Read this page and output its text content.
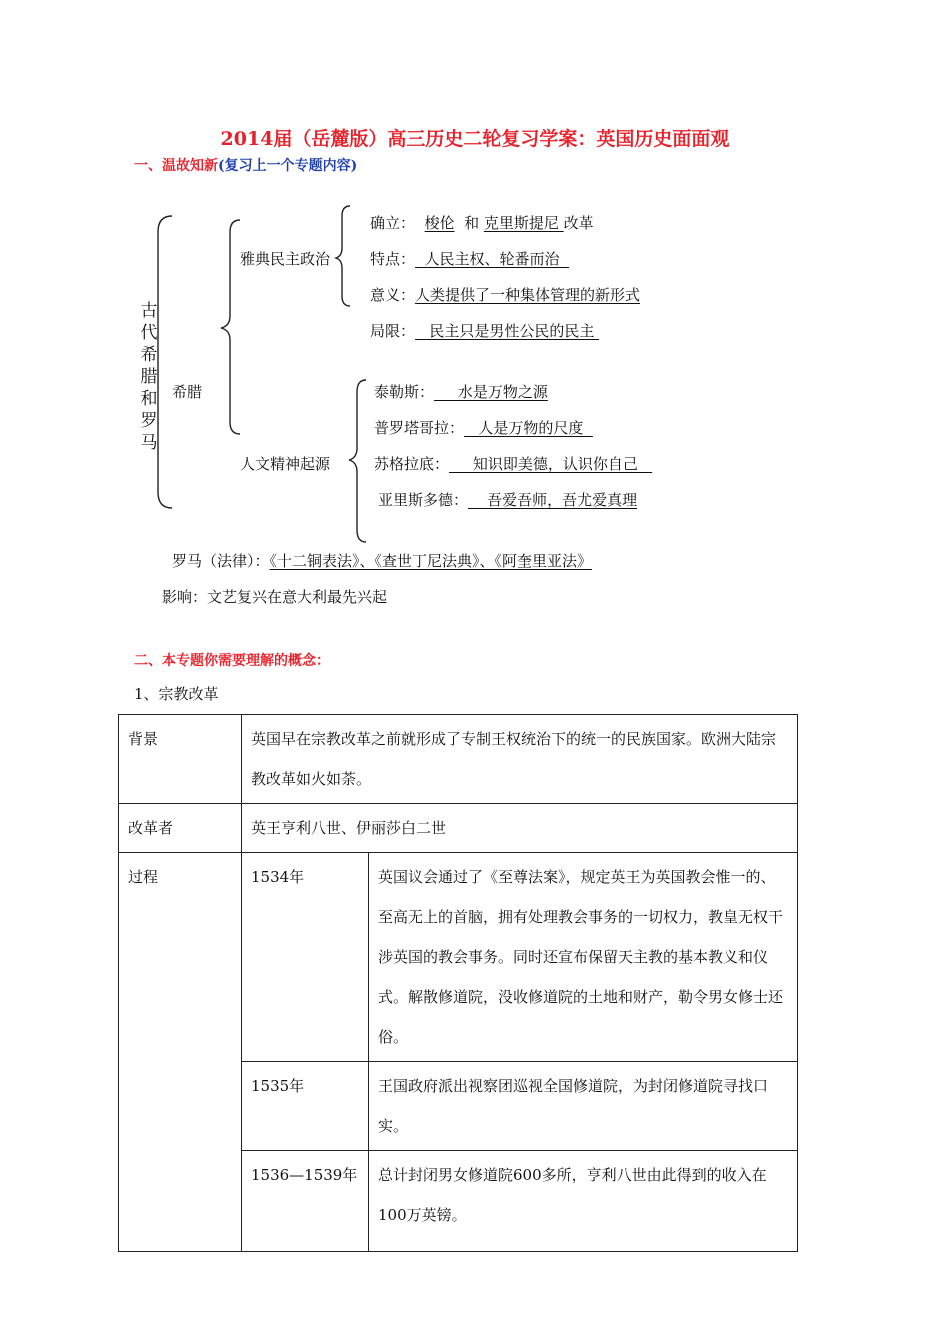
2014届（岳麓版）高三历史二轮复习学案：英国历史面面观
一、温故知新(复习上一个专题内容)
古代希腊和罗马
希腊
雅典民主政治
人文精神起源
确立： 梭伦  和 克里斯提尼 改革
特点：  人民主权、轮番而治
意义：人类提供了一种集体管理的新形式
局限：   民主只是男性公民的民主
泰勒斯：     水是万物之源
普罗塔哥拉：   人是万物的尺度
苏格拉底：     知识即美德，认识你自己
亚里斯多德：    吾爱吾师，吾尤爱真理
罗马（法律）：《十二铜表法》、《查世丁尼法典》、《阿奎里亚法》
影响：文艺复兴在意大利最先兴起
二、本专题你需要理解的概念：
1、宗教改革
背景	英国早在宗教改革之前就形成了专制王权统治下的统一的民族国家。欧洲大陆宗教改革如火如荼。	
改革者	英王亨利八世、伊丽莎白二世	
过程	1534年	英国议会通过了《至尊法案》，规定英王为英国教会惟一的、至高无上的首脑，拥有处理教会事务的一切权力，教皇无权干涉英国的教会事务。同时还宣布保留天主教的基本教义和仪式。解散修道院，没收修道院的土地和财产，勒令男女修士还俗。
	1535年	王国政府派出视察团巡视全国修道院，为封闭修道院寻找口实。
	1536—1539年	总计封闭男女修道院600多所，亨利八世由此得到的收入在100万英镑。
